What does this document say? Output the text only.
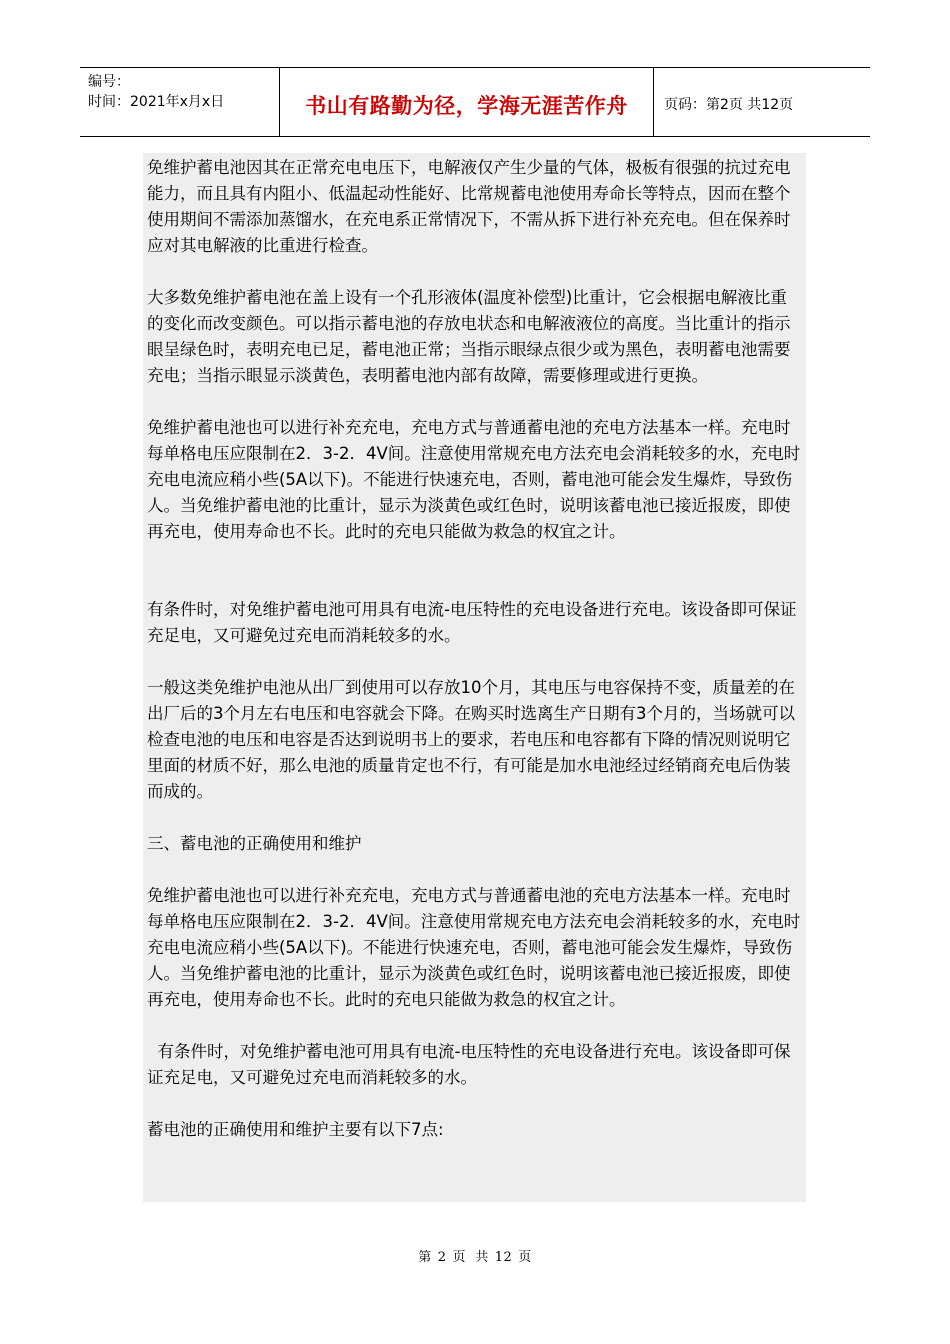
编号：
时间：2021年x月x日	书山有路勤为径，学海无涯苦作舟	页码：第2页 共12页

免维护蓄电池因其在正常充电电压下，电解液仅产生少量的气体，极板有很强的抗过充电能力，而且具有内阻小、低温起动性能好、比常规蓄电池使用寿命长等特点，因而在整个使用期间不需添加蒸馏水，在充电系正常情况下，不需从拆下进行补充充电。但在保养时应对其电解液的比重进行检查。

大多数免维护蓄电池在盖上设有一个孔形液体(温度补偿型)比重计，它会根据电解液比重的变化而改变颜色。可以指示蓄电池的存放电状态和电解液液位的高度。当比重计的指示眼呈绿色时，表明充电已足，蓄电池正常；当指示眼绿点很少或为黑色，表明蓄电池需要充电；当指示眼显示淡黄色，表明蓄电池内部有故障，需要修理或进行更换。

免维护蓄电池也可以进行补充充电，充电方式与普通蓄电池的充电方法基本一样。充电时每单格电压应限制在2．3-2．4V间。注意使用常规充电方法充电会消耗较多的水，充电时充电电流应稍小些(5A以下)。不能进行快速充电，否则，蓄电池可能会发生爆炸，导致伤人。当免维护蓄电池的比重计，显示为淡黄色或红色时，说明该蓄电池已接近报废，即使再充电，使用寿命也不长。此时的充电只能做为救急的权宜之计。

有条件时，对免维护蓄电池可用具有电流-电压特性的充电设备进行充电。该设备即可保证充足电，又可避免过充电而消耗较多的水。

一般这类免维护电池从出厂到使用可以存放10个月，其电压与电容保持不变，质量差的在出厂后的3个月左右电压和电容就会下降。在购买时选离生产日期有3个月的，当场就可以检查电池的电压和电容是否达到说明书上的要求，若电压和电容都有下降的情况则说明它里面的材质不好，那么电池的质量肯定也不行，有可能是加水电池经过经销商充电后伪装而成的。

三、蓄电池的正确使用和维护

免维护蓄电池也可以进行补充充电，充电方式与普通蓄电池的充电方法基本一样。充电时每单格电压应限制在2．3-2．4V间。注意使用常规充电方法充电会消耗较多的水，充电时充电电流应稍小些(5A以下)。不能进行快速充电，否则，蓄电池可能会发生爆炸，导致伤人。当免维护蓄电池的比重计，显示为淡黄色或红色时，说明该蓄电池已接近报废，即使再充电，使用寿命也不长。此时的充电只能做为救急的权宜之计。

有条件时，对免维护蓄电池可用具有电流-电压特性的充电设备进行充电。该设备即可保证充足电，又可避免过充电而消耗较多的水。

蓄电池的正确使用和维护主要有以下7点:

第 2 页  共 12 页
